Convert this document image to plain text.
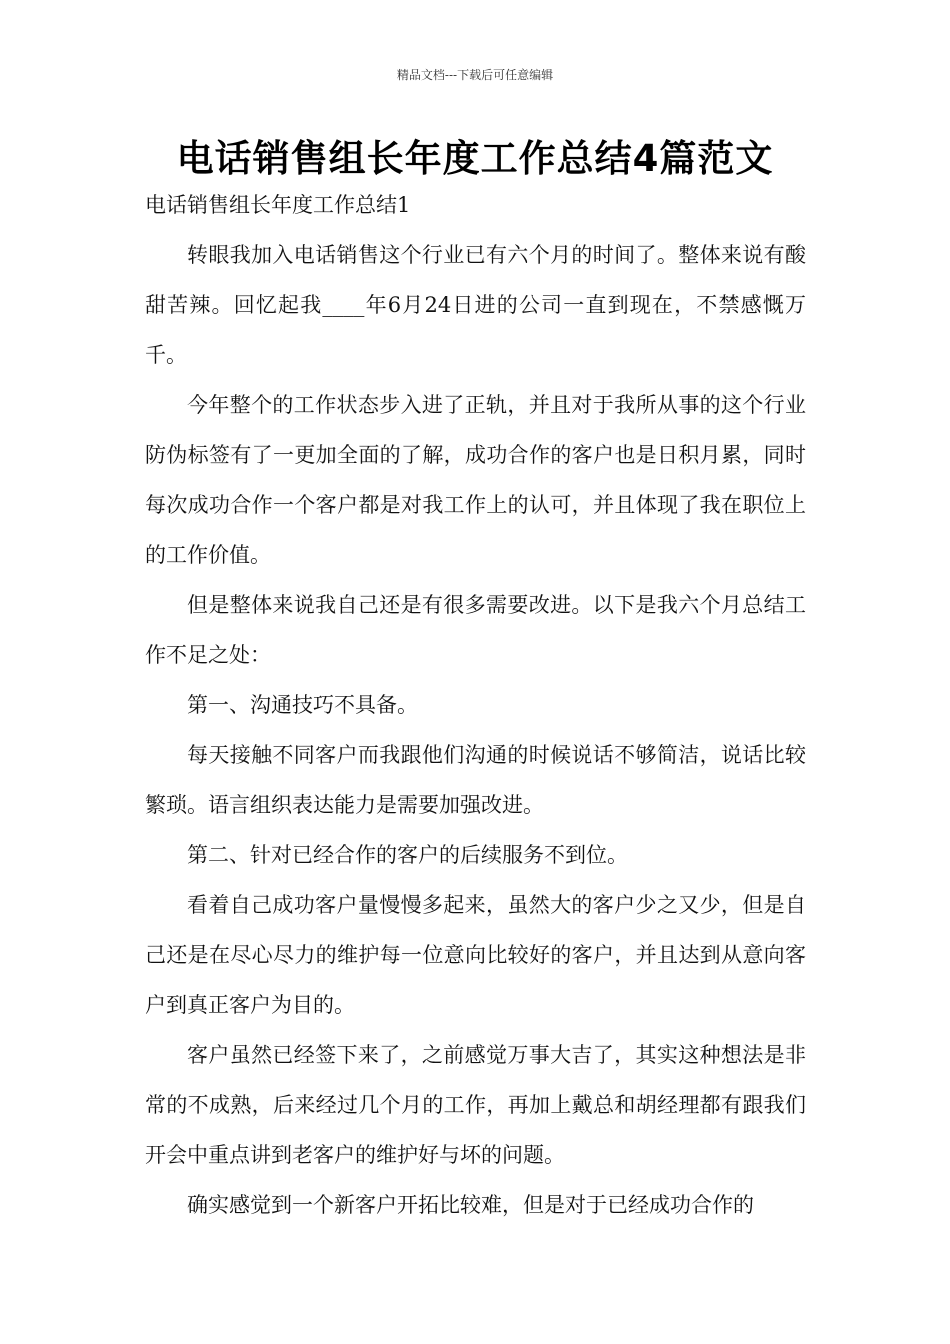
精品文档---下载后可任意编辑
电话销售组长年度工作总结4篇范文

电话销售组长年度工作总结1

转眼我加入电话销售这个行业已有六个月的时间了。整体来说有酸甜苦辣。回忆起我____年6月24日进的公司一直到现在，不禁感慨万千。

今年整个的工作状态步入进了正轨，并且对于我所从事的这个行业防伪标签有了一更加全面的了解，成功合作的客户也是日积月累，同时每次成功合作一个客户都是对我工作上的认可，并且体现了我在职位上的工作价值。

但是整体来说我自己还是有很多需要改进。以下是我六个月总结工作不足之处：

第一、沟通技巧不具备。

每天接触不同客户而我跟他们沟通的时候说话不够简洁，说话比较繁琐。语言组织表达能力是需要加强改进。

第二、针对已经合作的客户的后续服务不到位。

看着自己成功客户量慢慢多起来，虽然大的客户少之又少，但是自己还是在尽心尽力的维护每一位意向比较好的客户，并且达到从意向客户到真正客户为目的。

客户虽然已经签下来了，之前感觉万事大吉了，其实这种想法是非常的不成熟，后来经过几个月的工作，再加上戴总和胡经理都有跟我们开会中重点讲到老客户的维护好与坏的问题。

确实感觉到一个新客户开拓比较难，但是对于已经成功合作的
